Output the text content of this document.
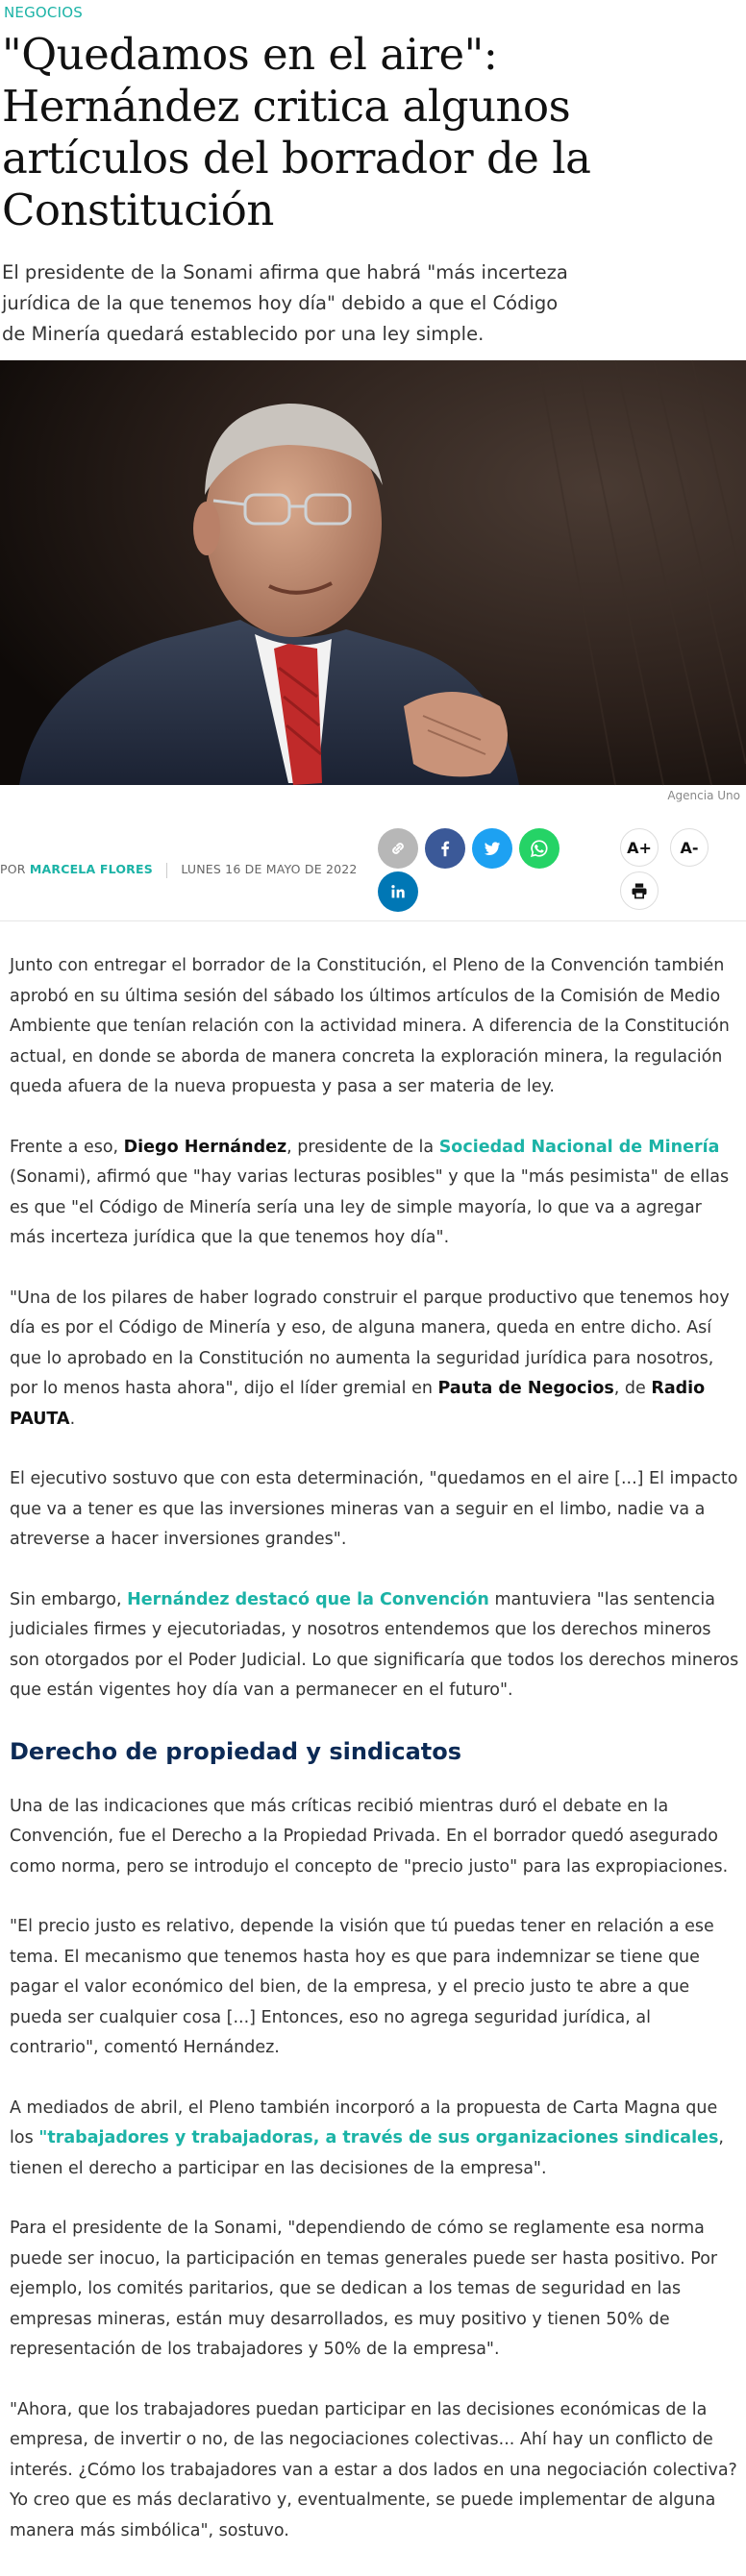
NEGOCIOS
"Quedamos en el aire": Hernández critica algunos artículos del borrador de la Constitución

El presidente de la Sonami afirma que habrá "más incerteza jurídica de la que tenemos hoy día" debido a que el Código de Minería quedará establecido por una ley simple.

Agencia Uno
POR MARCELA FLORES LUNES 16 DE MAYO DE 2022
A+	A-

Junto con entregar el borrador de la Constitución, el Pleno de la Convención también aprobó en su última sesión del sábado los últimos artículos de la Comisión de Medio Ambiente que tenían relación con la actividad minera. A diferencia de la Constitución actual, en donde se aborda de manera concreta la exploración minera, la regulación queda afuera de la nueva propuesta y pasa a ser materia de ley.

Frente a eso, Diego Hernández, presidente de la Sociedad Nacional de Minería (Sonami), afirmó que "hay varias lecturas posibles" y que la "más pesimista" de ellas es que "el Código de Minería sería una ley de simple mayoría, lo que va a agregar más incerteza jurídica que la que tenemos hoy día".

"Una de los pilares de haber logrado construir el parque productivo que tenemos hoy día es por el Código de Minería y eso, de alguna manera, queda en entre dicho. Así que lo aprobado en la Constitución no aumenta la seguridad jurídica para nosotros, por lo menos hasta ahora", dijo el líder gremial en Pauta de Negocios, de Radio PAUTA.

El ejecutivo sostuvo que con esta determinación, "quedamos en el aire [...] El impacto que va a tener es que las inversiones mineras van a seguir en el limbo, nadie va a atreverse a hacer inversiones grandes".

Sin embargo, Hernández destacó que la Convención mantuviera "las sentencia judiciales firmes y ejecutoriadas, y nosotros entendemos que los derechos mineros son otorgados por el Poder Judicial. Lo que significaría que todos los derechos mineros que están vigentes hoy día van a permanecer en el futuro".

Derecho de propiedad y sindicatos

Una de las indicaciones que más críticas recibió mientras duró el debate en la Convención, fue el Derecho a la Propiedad Privada. En el borrador quedó asegurado como norma, pero se introdujo el concepto de "precio justo" para las expropiaciones.

"El precio justo es relativo, depende la visión que tú puedas tener en relación a ese tema. El mecanismo que tenemos hasta hoy es que para indemnizar se tiene que pagar el valor económico del bien, de la empresa, y el precio justo te abre a que pueda ser cualquier cosa [...] Entonces, eso no agrega seguridad jurídica, al contrario", comentó Hernández.

A mediados de abril, el Pleno también incorporó a la propuesta de Carta Magna que los "trabajadores y trabajadoras, a través de sus organizaciones sindicales, tienen el derecho a participar en las decisiones de la empresa".

Para el presidente de la Sonami, "dependiendo de cómo se reglamente esa norma puede ser inocuo, la participación en temas generales puede ser hasta positivo. Por ejemplo, los comités paritarios, que se dedican a los temas de seguridad en las empresas mineras, están muy desarrollados, es muy positivo y tienen 50% de representación de los trabajadores y 50% de la empresa".

"Ahora, que los trabajadores puedan participar en las decisiones económicas de la empresa, de invertir o no, de las negociaciones colectivas... Ahí hay un conflicto de interés. ¿Cómo los trabajadores van a estar a dos lados en una negociación colectiva? Yo creo que es más declarativo y, eventualmente, se puede implementar de alguna manera más simbólica", sostuvo.
